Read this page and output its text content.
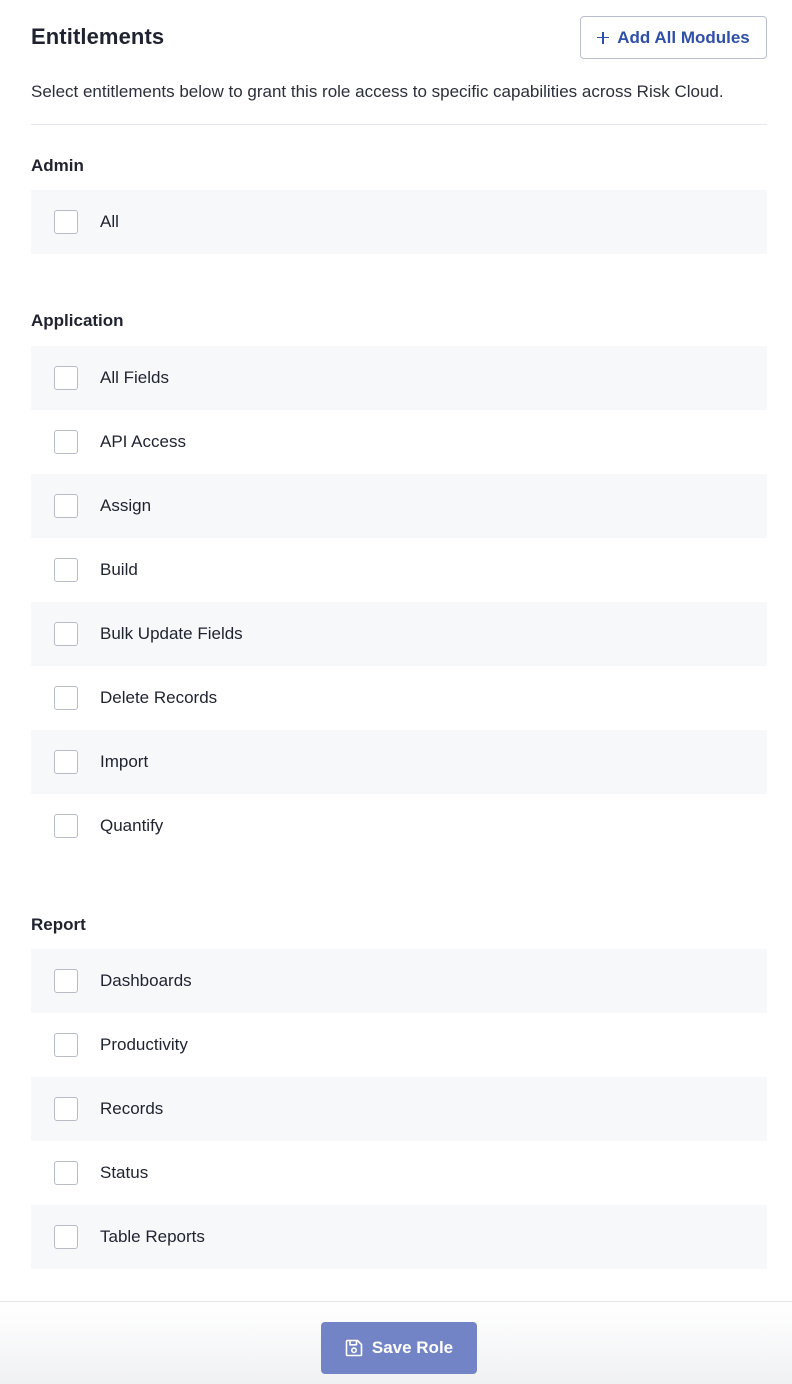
Entitlements	Add All Modules
Select entitlements below to grant this role access to specific capabilities across Risk Cloud.
Admin
All
Application
All Fields
API Access
Assign
Build
Bulk Update Fields
Delete Records
Import
Quantify
Report
Dashboards
Productivity
Records
Status
Table Reports
Save Role
